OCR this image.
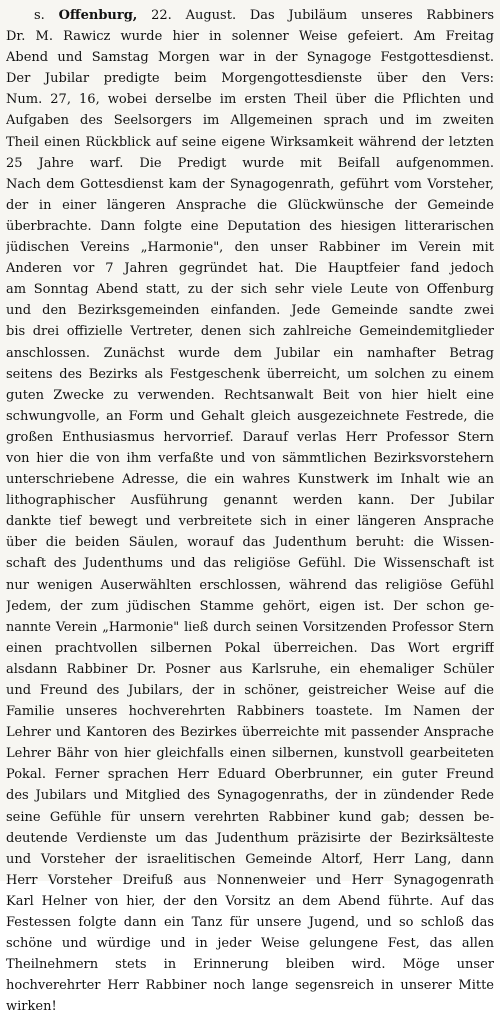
s. Offenburg, 22. August. Das Jubiläum unseres Rabbiners
Dr. M. Rawicz wurde hier in solenner Weise gefeiert. Am Freitag
Abend und Samstag Morgen war in der Synagoge Festgottesdienst.
Der Jubilar predigte beim Morgengottesdienste über den Vers:
Num. 27, 16, wobei derselbe im ersten Theil über die Pflichten und
Aufgaben des Seelsorgers im Allgemeinen sprach und im zweiten
Theil einen Rückblick auf seine eigene Wirksamkeit während der letzten
25 Jahre warf. Die Predigt wurde mit Beifall aufgenommen.
Nach dem Gottesdienst kam der Synagogenrath, geführt vom Vorsteher,
der in einer längeren Ansprache die Glückwünsche der Gemeinde
überbrachte. Dann folgte eine Deputation des hiesigen litterarischen
jüdischen Vereins „Harmonie", den unser Rabbiner im Verein mit
Anderen vor 7 Jahren gegründet hat. Die Hauptfeier fand jedoch
am Sonntag Abend statt, zu der sich sehr viele Leute von Offenburg
und den Bezirksgemeinden einfanden. Jede Gemeinde sandte zwei
bis drei offizielle Vertreter, denen sich zahlreiche Gemeindemitglieder
anschlossen. Zunächst wurde dem Jubilar ein namhafter Betrag
seitens des Bezirks als Festgeschenk überreicht, um solchen zu einem
guten Zwecke zu verwenden. Rechtsanwalt Beit von hier hielt eine
schwungvolle, an Form und Gehalt gleich ausgezeichnete Festrede, die
großen Enthusiasmus hervorrief. Darauf verlas Herr Professor Stern
von hier die von ihm verfaßte und von sämmtlichen Bezirksvorstehern
unterschriebene Adresse, die ein wahres Kunstwerk im Inhalt wie an
lithographischer Ausführung genannt werden kann. Der Jubilar
dankte tief bewegt und verbreitete sich in einer längeren Ansprache
über die beiden Säulen, worauf das Judenthum beruht: die Wissen-
schaft des Judenthums und das religiöse Gefühl. Die Wissenschaft ist
nur wenigen Auserwählten erschlossen, während das religiöse Gefühl
Jedem, der zum jüdischen Stamme gehört, eigen ist. Der schon ge-
nannte Verein „Harmonie" ließ durch seinen Vorsitzenden Professor Stern
einen prachtvollen silbernen Pokal überreichen. Das Wort ergriff
alsdann Rabbiner Dr. Posner aus Karlsruhe, ein ehemaliger Schüler
und Freund des Jubilars, der in schöner, geistreicher Weise auf die
Familie unseres hochverehrten Rabbiners toastete. Im Namen der
Lehrer und Kantoren des Bezirkes überreichte mit passender Ansprache
Lehrer Bähr von hier gleichfalls einen silbernen, kunstvoll gearbeiteten
Pokal. Ferner sprachen Herr Eduard Oberbrunner, ein guter Freund
des Jubilars und Mitglied des Synagogenraths, der in zündender Rede
seine Gefühle für unsern verehrten Rabbiner kund gab; dessen be-
deutende Verdienste um das Judenthum präzisirte der Bezirksälteste
und Vorsteher der israelitischen Gemeinde Altorf, Herr Lang, dann
Herr Vorsteher Dreifuß aus Nonnenweier und Herr Synagogenrath
Karl Helner von hier, der den Vorsitz an dem Abend führte. Auf das
Festessen folgte dann ein Tanz für unsere Jugend, und so schloß das
schöne und würdige und in jeder Weise gelungene Fest, das allen
Theilnehmern stets in Erinnerung bleiben wird. Möge unser
hochverehrter Herr Rabbiner noch lange segensreich in unserer Mitte
wirken!
